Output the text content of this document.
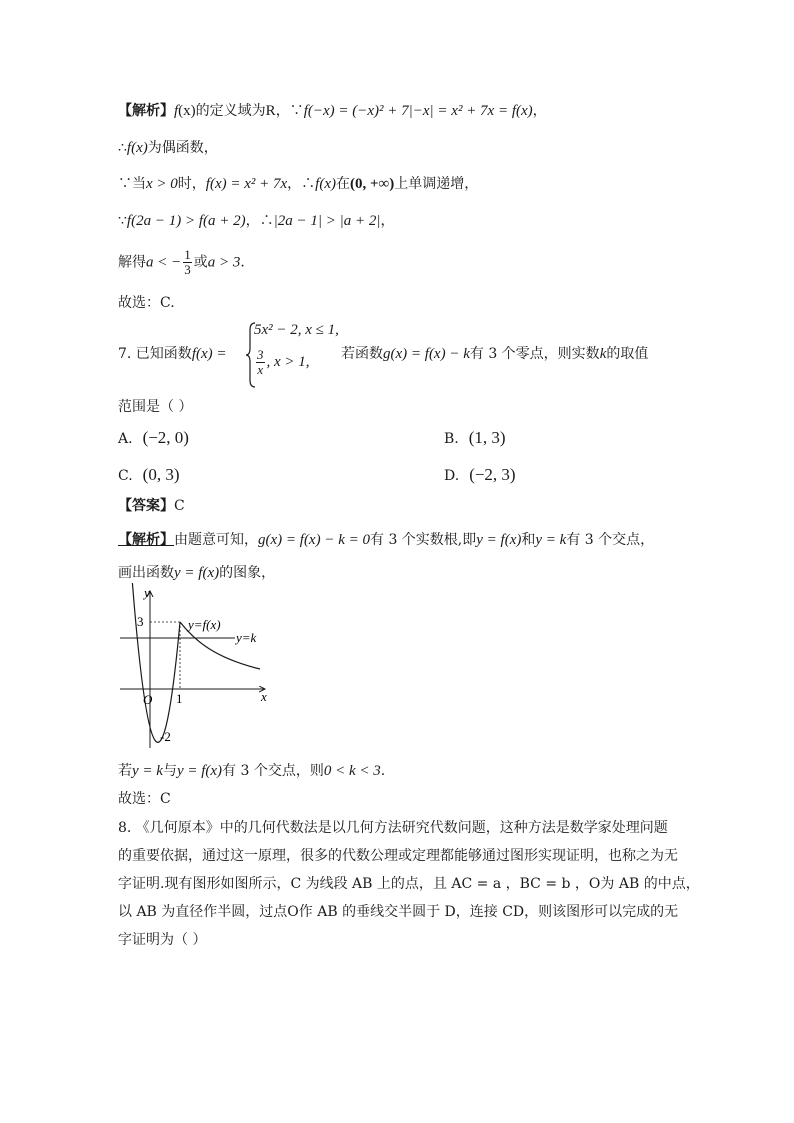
【解析】f(x)的定义域为R，∵f(−x) = (−x)² + 7|−x| = x² + 7x = f(x)，
∴f(x)为偶函数，
∵当x > 0时，f(x) = x² + 7x，∴f(x)在(0, +∞)上单调递增，
∵f(2a − 1) > f(a + 2)，∴|2a − 1| > |a + 2|，
解得a < − $\frac{1}{3}$ 或a > 3.
故选：C.
7. 已知函数f(x) =
5x² − 2, x ≤ 1,
$\frac{3}{x}$ , x > 1, 若函数g(x) = f(x) − k有 3 个零点，则实数k的取值
范围是（ ）
A. (−2, 0)	B. (1, 3)
C. (0, 3)	D. (−2, 3)
【答案】C
【解析】由题意可知，g(x) = f(x) − k = 0有 3 个实数根,即y = f(x)和y = k有 3 个交点，
画出函数y = f(x)的图象，
y
x
O
3
1
-2
y=f(x)
y=k
若y = k与y = f(x)有 3 个交点，则0 < k < 3.
故选：C
8. 《几何原本》中的几何代数法是以几何方法研究代数问题，这种方法是数学家处理问题
的重要依据，通过这一原理，很多的代数公理或定理都能够通过图形实现证明，也称之为无
字证明.现有图形如图所示，C 为线段 AB 上的点，且 AC = a ，BC = b ，O为 AB 的中点，
以 AB 为直径作半圆，过点O作 AB 的垂线交半圆于 D，连接 CD，则该图形可以完成的无
字证明为（ ）
